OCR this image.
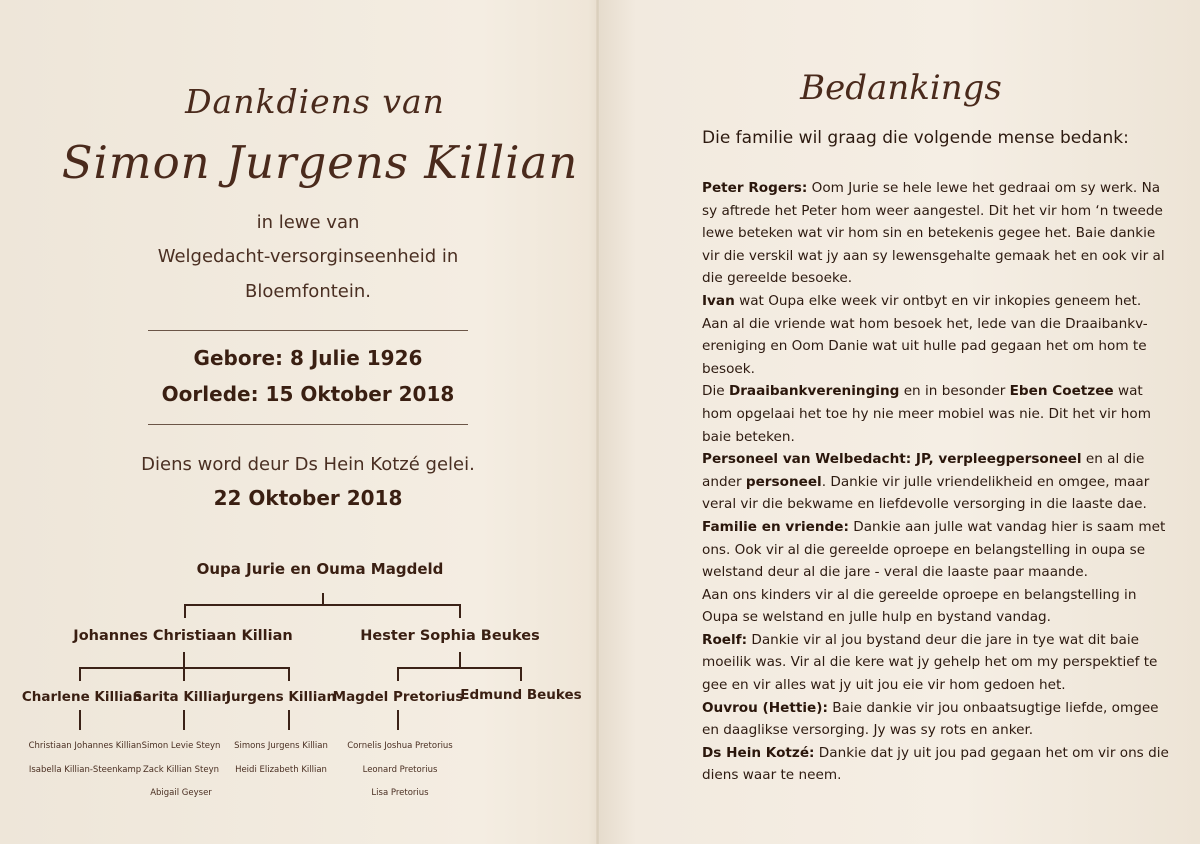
Dankdiens van
Simon Jurgens Killian
in lewe van
Welgedacht-versorginseenheid in
Bloemfontein.
Gebore: 8 Julie 1926
Oorlede: 15 Oktober 2018
Diens word deur Ds Hein Kotzé gelei.
22 Oktober 2018
Oupa Jurie en Ouma Magdeld
Johannes Christiaan Killian	Hester Sophia Beukes
Charlene Killian
Sarita Killian
Jurgens Killian
Magdel Pretorius
Edmund Beukes
Christiaan Johannes Killian
Isabella Killian-Steenkamp
Simon Levie Steyn
Zack Killian Steyn
Abigail Geyser
Simons Jurgens Killian
Heidi Elizabeth Killian
Cornelis Joshua Pretorius
Leonard Pretorius
Lisa Pretorius
Bedankings
Die familie wil graag die volgende mense bedank:

Peter Rogers: Oom Jurie se hele lewe het gedraai om sy werk. Na sy aftrede het Peter hom weer aangestel. Dit het vir hom ‘n tweede lewe beteken wat vir hom sin en betekenis gegee het. Baie dankie vir die verskil wat jy aan sy lewensgehalte gemaak het en ook vir al die gereelde besoeke.

Ivan wat Oupa elke week vir ontbyt en vir inkopies geneem het.

Aan al die vriende wat hom besoek het, lede van die Draaibankv-ereniging en Oom Danie wat uit hulle pad gegaan het om hom te besoek.

Die Draaibankvereninging en in besonder Eben Coetzee wat hom opgelaai het toe hy nie meer mobiel was nie. Dit het vir hom baie beteken.

Personeel van Welbedacht: JP, verpleegpersoneel en al die ander personeel. Dankie vir julle vriendelikheid en omgee, maar veral vir die bekwame en liefdevolle versorging in die laaste dae.

Familie en vriende: Dankie aan julle wat vandag hier is saam met ons. Ook vir al die gereelde oproepe en belangstelling in oupa se welstand deur al die jare - veral die laaste paar maande.

Aan ons kinders vir al die gereelde oproepe en belangstelling in Oupa se welstand en julle hulp en bystand vandag.

Roelf: Dankie vir al jou bystand deur die jare in tye wat dit baie moeilik was. Vir al die kere wat jy gehelp het om my perspektief te gee en vir alles wat jy uit jou eie vir hom gedoen het.

Ouvrou (Hettie): Baie dankie vir jou onbaatsugtige liefde, omgee en daaglikse versorging. Jy was sy rots en anker.

Ds Hein Kotzé: Dankie dat jy uit jou pad gegaan het om vir ons die diens waar te neem.
